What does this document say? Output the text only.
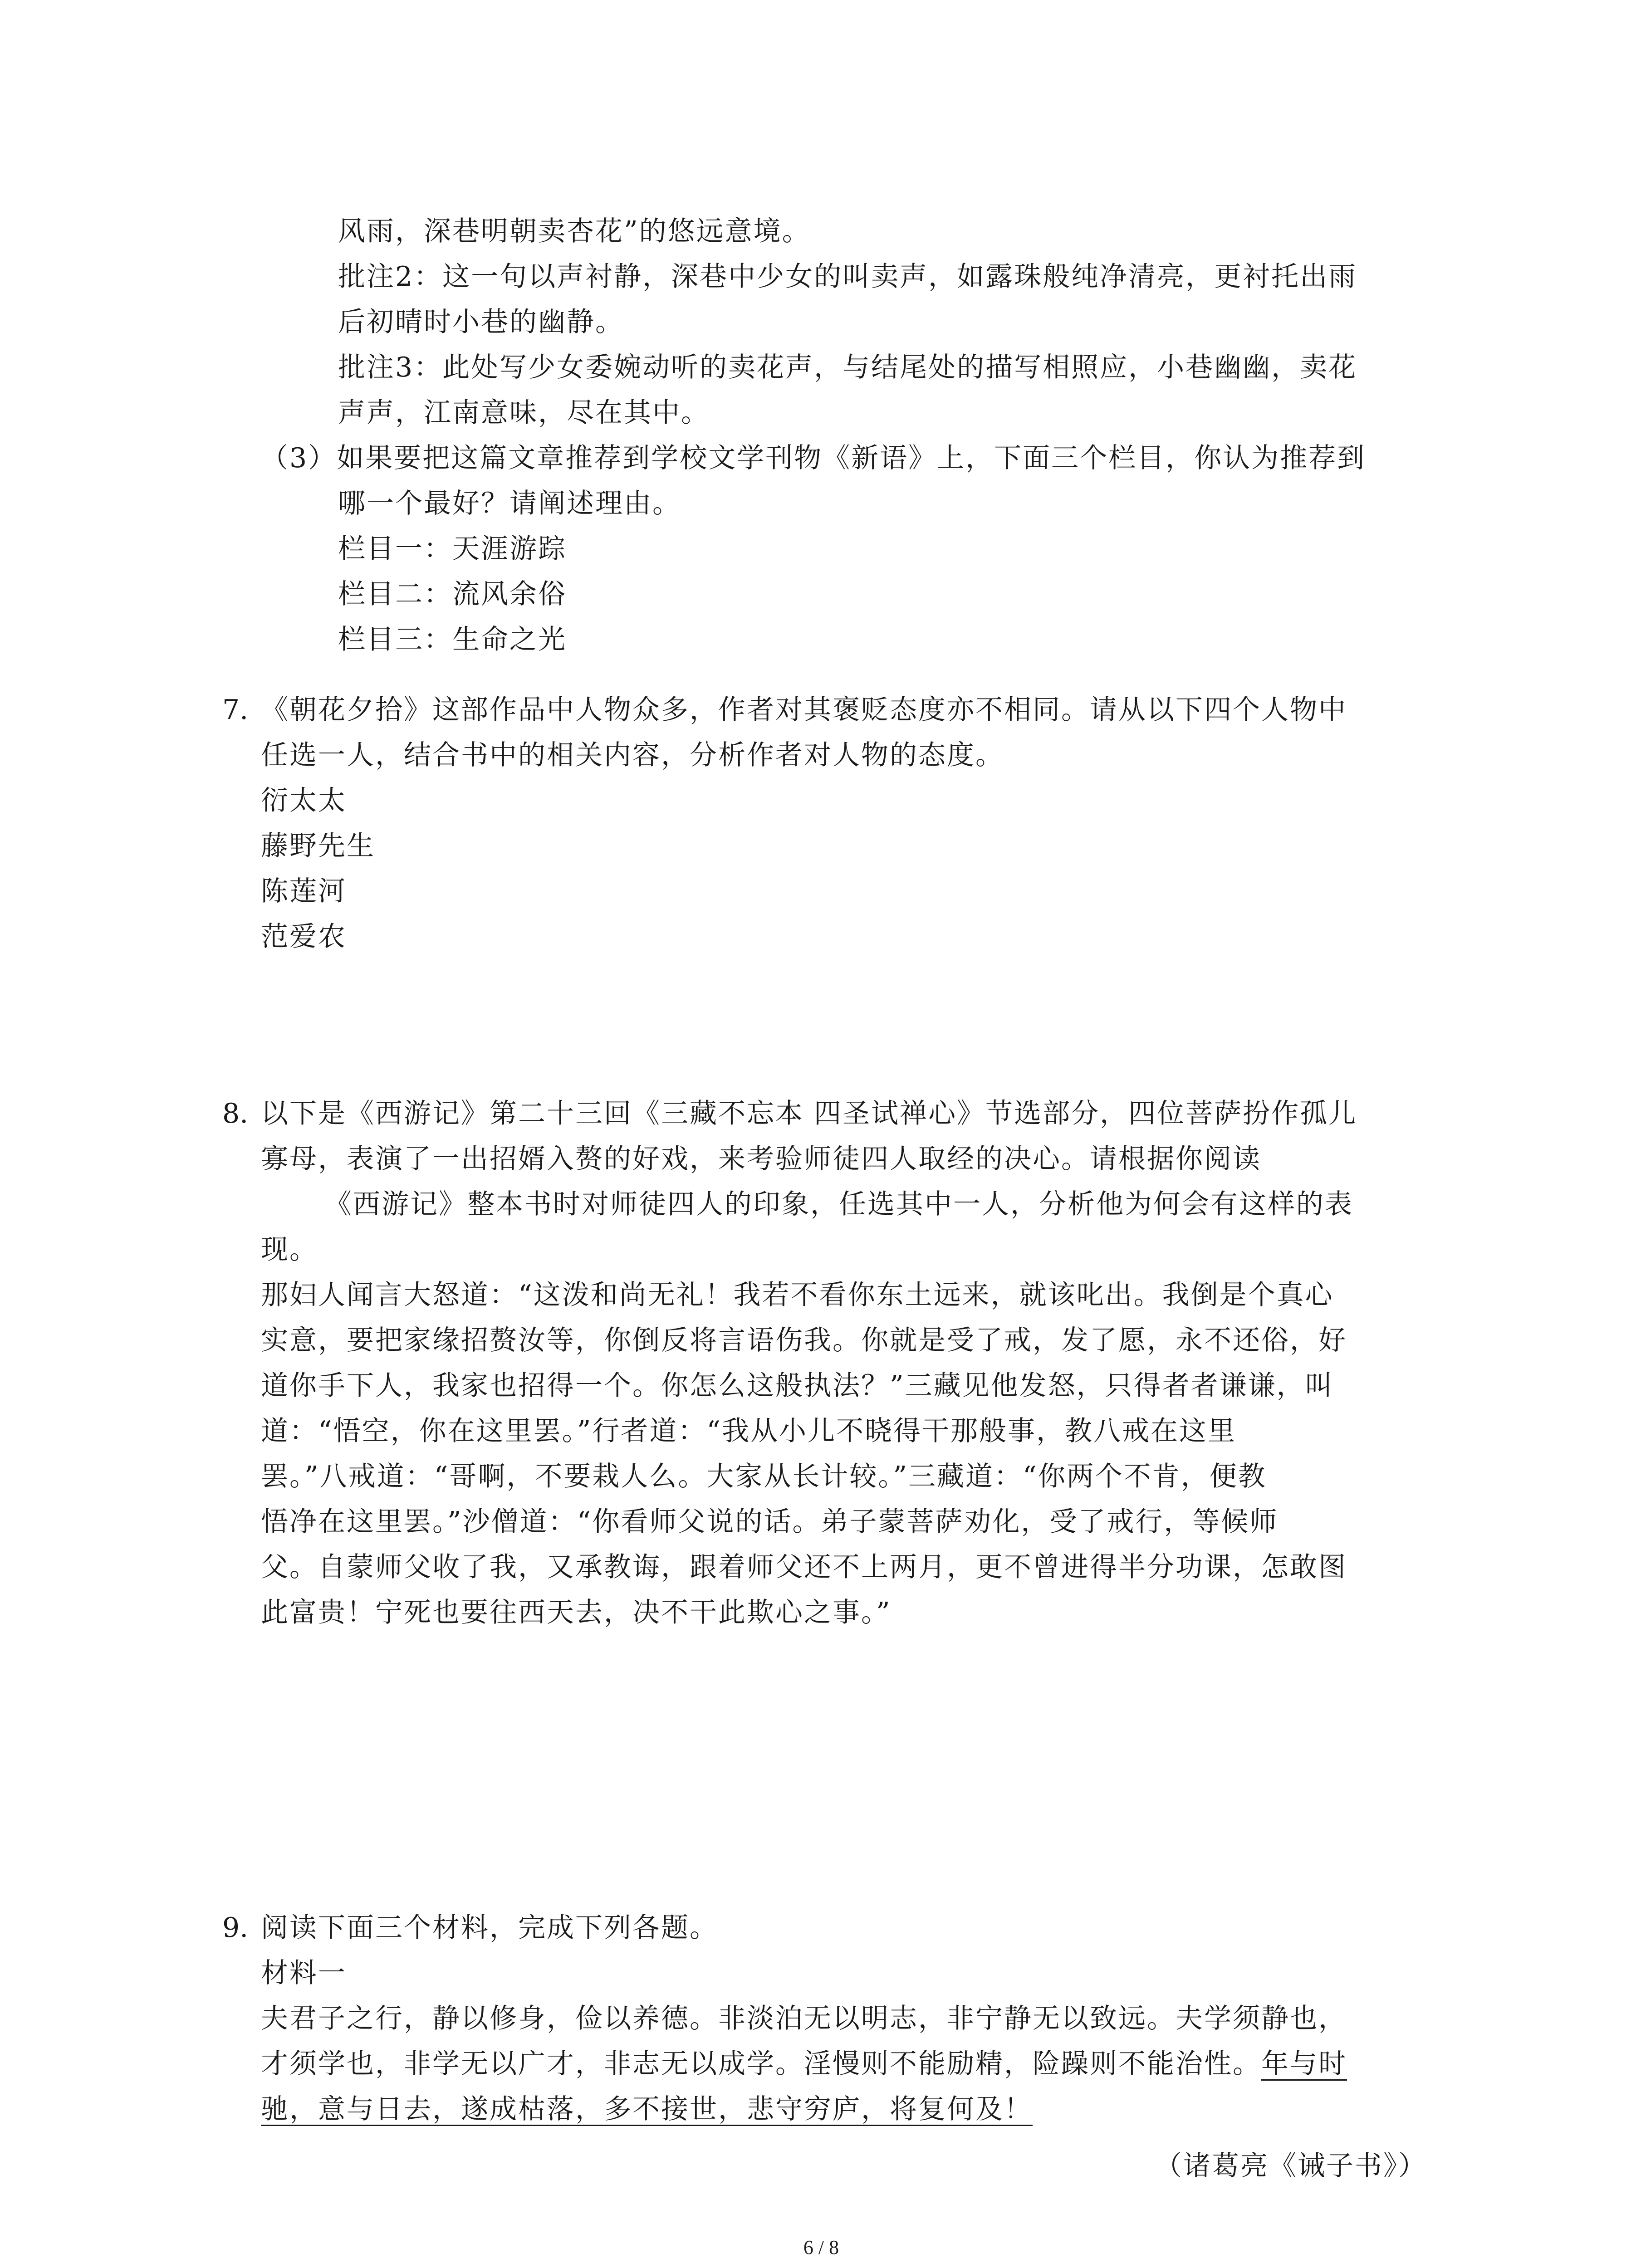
风雨，深巷明朝卖杏花”的悠远意境。
批注2：这一句以声衬静，深巷中少女的叫卖声，如露珠般纯净清亮，更衬托出雨
后初晴时小巷的幽静。
批注3：此处写少女委婉动听的卖花声，与结尾处的描写相照应，小巷幽幽，卖花
声声，江南意味，尽在其中。
（3）如果要把这篇文章推荐到学校文学刊物《新语》上，下面三个栏目，你认为推荐到
哪一个最好？请阐述理由。
栏目一：天涯游踪
栏目二：流风余俗
栏目三：生命之光
7. 《朝花夕拾》这部作品中人物众多，作者对其褒贬态度亦不相同。请从以下四个人物中
任选一人，结合书中的相关内容，分析作者对人物的态度。
衍太太
藤野先生
陈莲河
范爱农
8. 以下是《西游记》第二十三回《三藏不忘本 四圣试禅心》节选部分，四位菩萨扮作孤儿
寡母，表演了一出招婿入赘的好戏，来考验师徒四人取经的决心。请根据你阅读
《西游记》整本书时对师徒四人的印象，任选其中一人，分析他为何会有这样的表
现。
那妇人闻言大怒道：“这泼和尚无礼！我若不看你东土远来，就该叱出。我倒是个真心
实意，要把家缘招赘汝等，你倒反将言语伤我。你就是受了戒，发了愿，永不还俗，好
道你手下人，我家也招得一个。你怎么这般执法？”三藏见他发怒，只得者者谦谦，叫
道：“悟空，你在这里罢。”行者道：“我从小儿不晓得干那般事，教八戒在这里
罢。”八戒道：“哥啊，不要栽人么。大家从长计较。”三藏道：“你两个不肯，便教
悟净在这里罢。”沙僧道：“你看师父说的话。弟子蒙菩萨劝化，受了戒行，等候师
父。自蒙师父收了我，又承教诲，跟着师父还不上两月，更不曾进得半分功课，怎敢图
此富贵！宁死也要往西天去，决不干此欺心之事。”
9. 阅读下面三个材料，完成下列各题。
材料一
夫君子之行，静以修身，俭以养德。非淡泊无以明志，非宁静无以致远。夫学须静也，
才须学也，非学无以广才，非志无以成学。淫慢则不能励精，险躁则不能治性。年与时
驰，意与日去，遂成枯落，多不接世，悲守穷庐，将复何及！
（诸葛亮《诫子书》）
6 / 8
